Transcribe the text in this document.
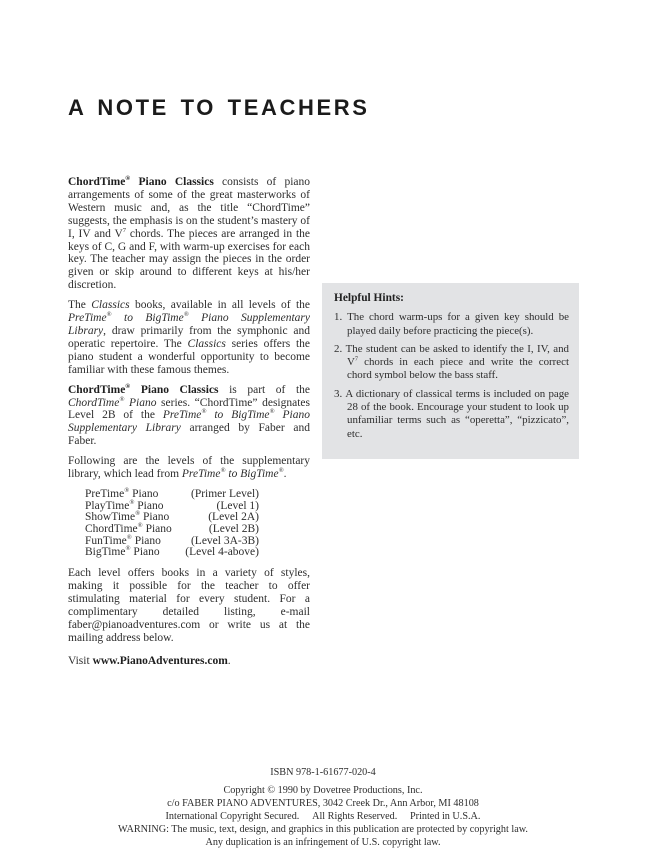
A NOTE TO TEACHERS

ChordTime® Piano Classics consists of piano arrangements of some of the great masterworks of Western music and, as the title “ChordTime” suggests, the emphasis is on the student’s mastery of I, IV and $V^7$ chords. The pieces are arranged in the keys of C, G and F, with warm-up exercises for each key. The teacher may assign the pieces in the order given or skip around to different keys at his/her discretion.

The Classics books, available in all levels of the PreTime® to BigTime® Piano Supplementary Library, draw primarily from the symphonic and operatic repertoire. The Classics series offers the piano student a wonderful opportunity to become familiar with these famous themes.

ChordTime® Piano Classics is part of the ChordTime® Piano series. “ChordTime” designates Level 2B of the PreTime® to BigTime® Piano Supplementary Library arranged by Faber and Faber.

Following are the levels of the supplementary library, which lead from PreTime® to BigTime®.

PreTime® Piano	(Primer Level)
PlayTime® Piano	(Level 1)
ShowTime® Piano	(Level 2A)
ChordTime® Piano	(Level 2B)
FunTime® Piano	(Level 3A-3B)
BigTime® Piano (Level 4-above)

Each level offers books in a variety of styles, making it possible for the teacher to offer stimulating material for every student. For a complimentary detailed listing, e-mail faber@pianoadventures.com or write us at the mailing address below.

Visit www.PianoAdventures.com.

Helpful Hints:
1. The chord warm-ups for a given key should be played daily before practicing the piece(s).
2. The student can be asked to identify the I, IV, and $V^7$ chords in each piece and write the correct chord symbol below the bass staff.
3. A dictionary of classical terms is included on page 28 of the book. Encourage your student to look up unfamiliar terms such as “operetta”, “pizzicato”, etc.
ISBN 978-1-61677-020-4
Copyright © 1990 by Dovetree Productions, Inc.
c/o FABER PIANO ADVENTURES, 3042 Creek Dr., Ann Arbor, MI 48108
International Copyright Secured.     All Rights Reserved.     Printed in U.S.A.
WARNING: The music, text, design, and graphics in this publication are protected by copyright law.
Any duplication is an infringement of U.S. copyright law.
